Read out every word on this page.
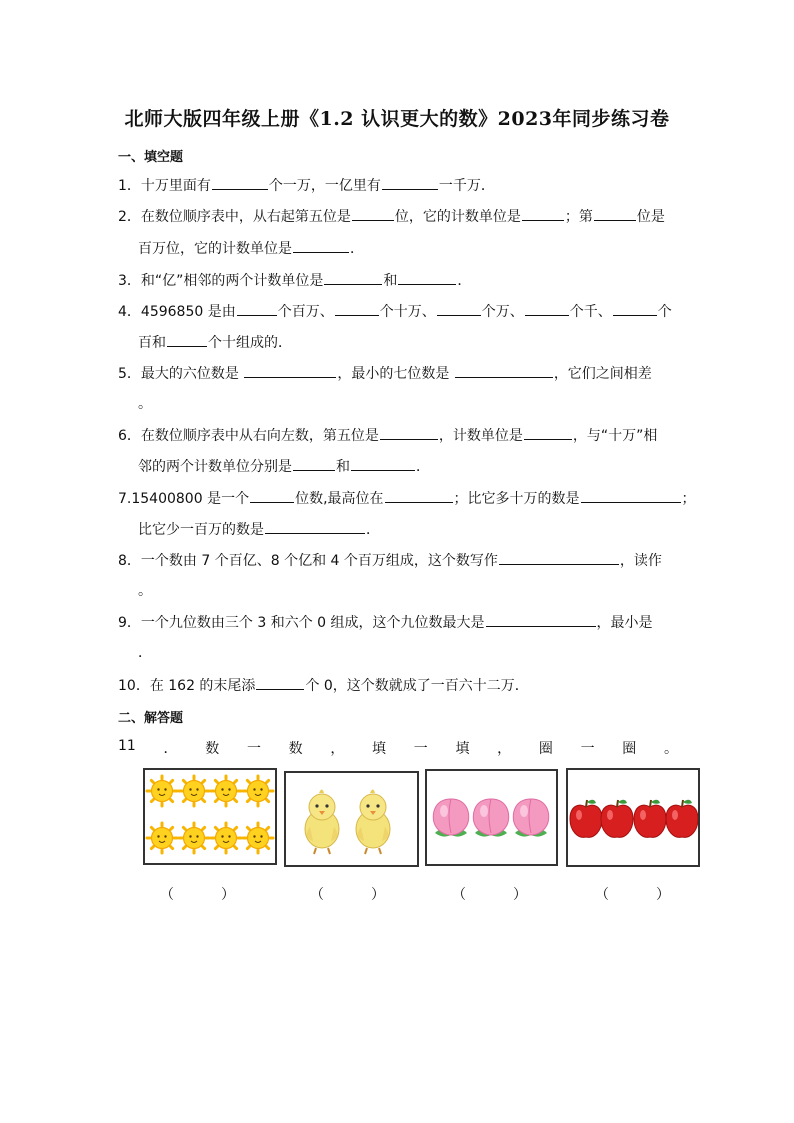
北师大版四年级上册《1.2 认识更大的数》2023年同步练习卷
一、填空题
1．十万里面有	个一万，一亿里有	一千万．
2．在数位顺序表中，从右起第五位是	位，它的计数单位是	；第	位是
百万位，它的计数单位是	．
3．和“亿”相邻的两个计数单位是	和	．
4．4596850 是由	个百万、	个十万、	个万、	个千、	个
百和	个十组成的．
5．最大的六位数是	，最小的七位数是	，它们之间相差
。
6．在数位顺序表中从右向左数，第五位是	，计数单位是	，与“十万”相
邻的两个计数单位分别是	和	．
7.15400800 是一个	位数,最高位在	；比它多十万的数是	；
比它少一百万的数是	．
8．一个数由 7 个百亿、8 个亿和 4 个百万组成，这个数写作	，读作
。
9．一个九位数由三个 3 和六个 0 组成，这个九位数最大是	，最小是
．
10．在 162 的末尾添	个 0，这个数就成了一百六十二万．
二、解答题
11 ． 数 一 数 ， 填 一 填 ， 圈 一 圈 。
（	）	（	）	（	）	（	）
